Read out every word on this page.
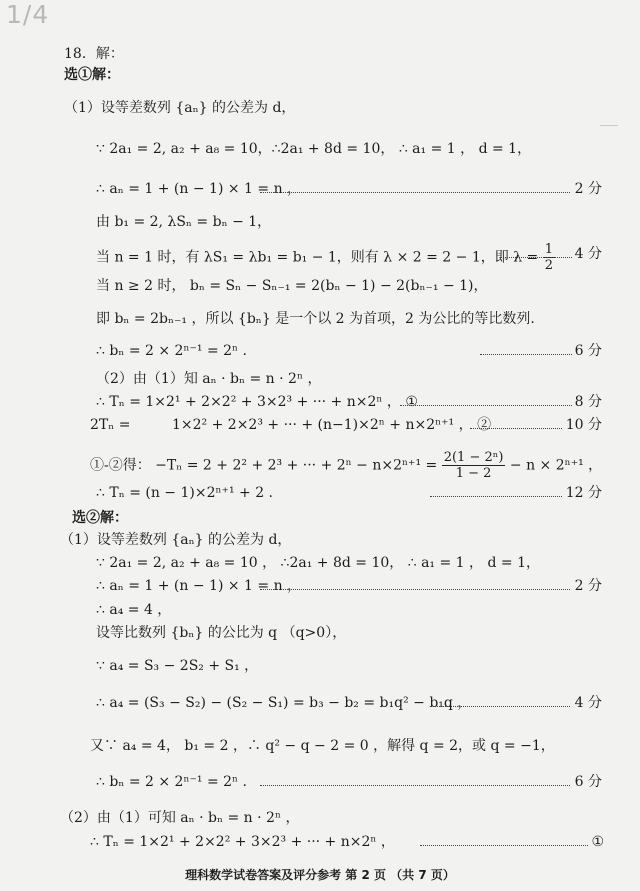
1/4
18．解：
选①解：
（1）设等差数列 {aₙ} 的公差为 d，
∵ 2a₁ = 2, a₂ + a₈ = 10，∴2a₁ + 8d = 10， ∴ a₁ = 1 ， d = 1，
∴ aₙ = 1 + (n − 1) × 1 = n ，	2 分
由 b₁ = 2, λSₙ = bₙ − 1，
当 n = 1 时，有 λS₁ = λb₁ = b₁ − 1，则有 λ × 2 = 2 − 1，即 $\lambda = \frac{1}{2} 4$ 分
当 n ≥ 2 时， bₙ = Sₙ − Sₙ₋₁ = 2(bₙ − 1) − 2(bₙ₋₁ − 1)，
即 bₙ = 2bₙ₋₁ ，所以 {bₙ} 是一个以 2 为首项，2 为公比的等比数列.
∴ bₙ = 2 × 2ⁿ⁻¹ = 2ⁿ .	6 分
（2）由（1）知 aₙ · bₙ = n · 2ⁿ ，
∴ Tₙ = 1×2¹ + 2×2² + 3×2³ + ··· + n×2ⁿ ， ①	8 分
2Tₙ =	1×2² + 2×2³ + ··· + (n−1)×2ⁿ + n×2ⁿ⁺¹ ， ②	10 分
①-②得： −Tₙ = 2 + 2² + 2³ + ··· + $2^n - n\times 2^{n+1} = \frac{\text{2(1 − 2ⁿ)}}{1 - 2} - n \times 2^{n+1}$ ，
∴ Tₙ = (n − 1)×2ⁿ⁺¹ + 2 .	12 分
选②解：
（1）设等差数列 {aₙ} 的公差为 d，
∵ 2a₁ = 2, a₂ + a₈ = 10 ， ∴2a₁ + 8d = 10， ∴ a₁ = 1 ， d = 1，
∴ aₙ = 1 + (n − 1) × 1 = n ，	2 分
∴ a₄ = 4 ，
设等比数列 {bₙ} 的公比为 q （q>0），
∵ a₄ = S₃ − 2S₂ + S₁ ，
∴ a₄ = (S₃ − S₂) − (S₂ − S₁) = b₃ − b₂ = b₁q² − b₁q ，	4 分
又∵ a₄ = 4， b₁ = 2 ，∴ q² − q − 2 = 0 ，解得 q = 2，或 q = −1，
∴ bₙ = 2 × 2ⁿ⁻¹ = 2ⁿ .	6 分
（2）由（1）可知 aₙ · bₙ = n · 2ⁿ ，
∴ Tₙ = 1×2¹ + 2×2² + 3×2³ + ··· + n×2ⁿ ，	①
理科数学试卷答案及评分参考 第 2 页 （共 7 页）
